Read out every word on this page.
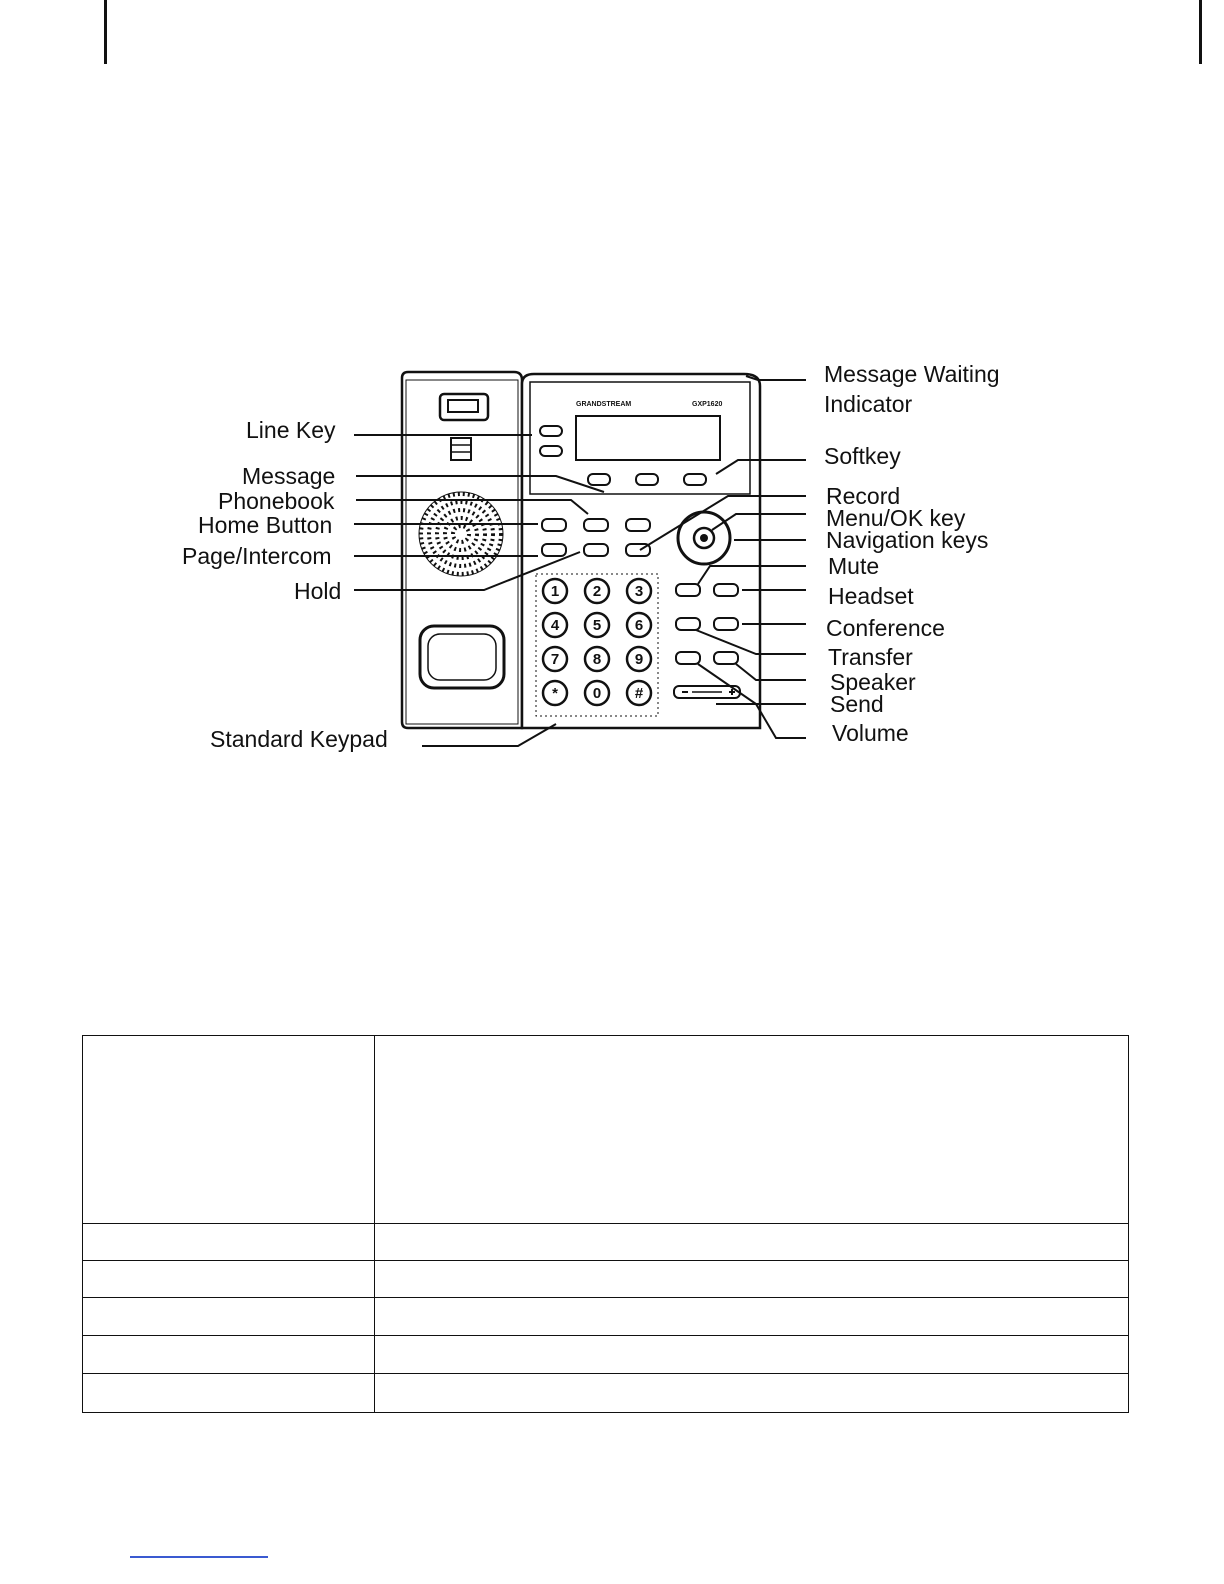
GRANDSTREAM	GXP1620
1 2 3
4 5 6
7 8 9
* 0 #
Line Key
Message
Phonebook
Home Button
Page/Intercom
Hold
Standard Keypad
Message Waiting
Indicator
Softkey
Record
Menu/OK key
Navigation keys
Mute
Headset
Conference
Transfer
Speaker
Send
Volume
